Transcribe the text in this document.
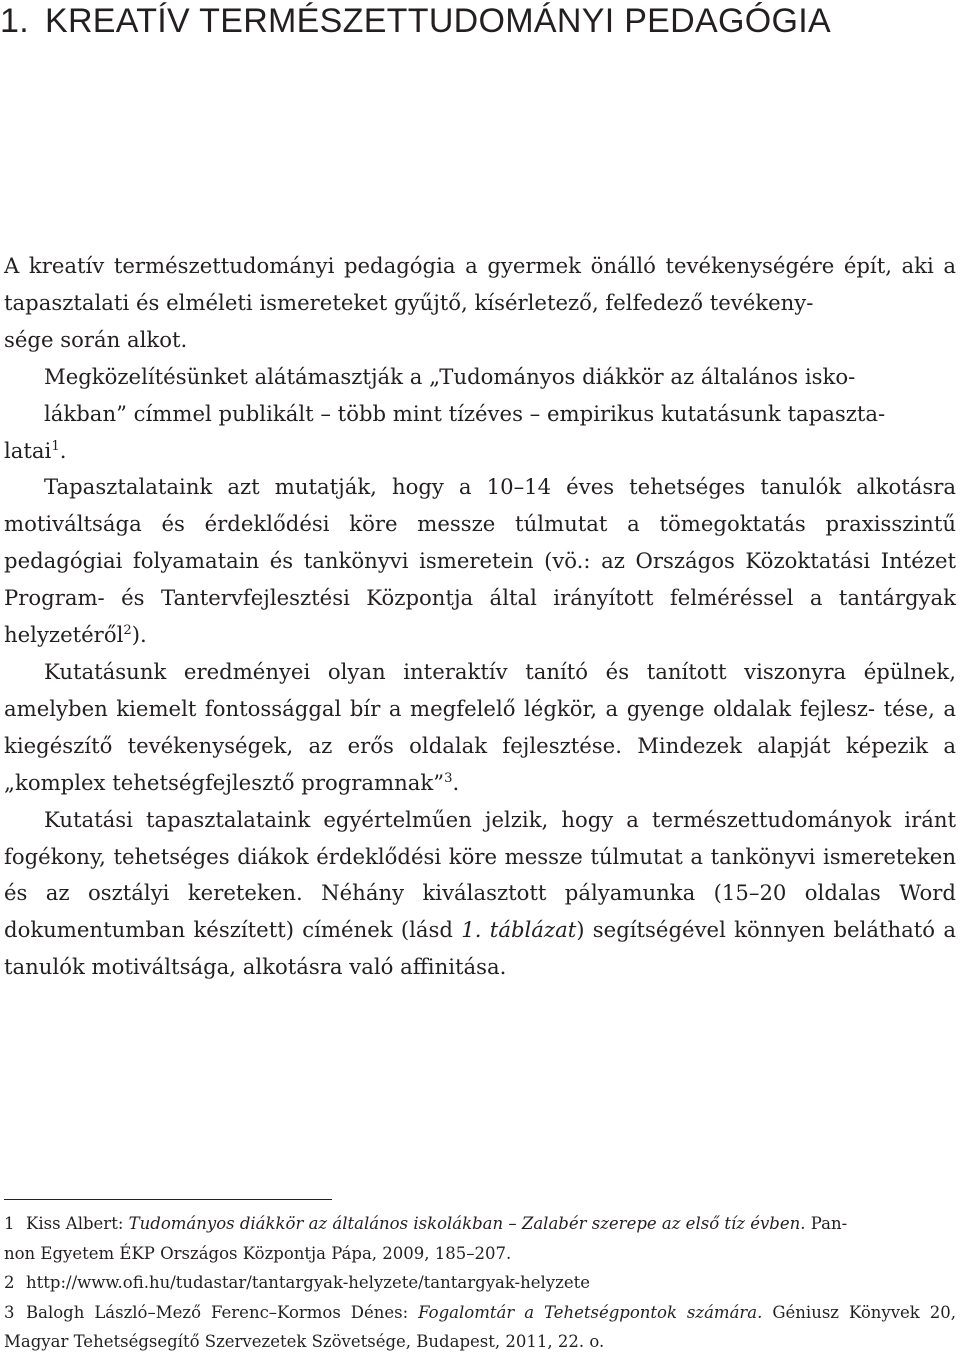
1. KREATÍV TERMÉSZETTUDOMÁNYI PEDAGÓGIA

A kreatív természettudományi pedagógia a gyermek önálló tevékenységére épít, aki a tapasztalati és elméleti ismereteket gyűjtő, kísérletező, felfedező tevékeny-
sége során alkot.

Megközelítésünket alátámasztják a „Tudományos diákkör az általános isko-
lákban” címmel publikált – több mint tízéves – empirikus kutatásunk tapaszta-
latai$^1$.

Tapasztalataink azt mutatják, hogy a 10–14 éves tehetséges tanulók alkotásra motiváltsága és érdeklődési köre messze túlmutat a tömegoktatás praxisszintű pedagógiai folyamatain és tankönyvi ismeretein (vö.: az Országos Közoktatási Intézet Program- és Tantervfejlesztési Központja által irányított felméréssel a tantárgyak helyzetéről$^2$).

Kutatásunk eredményei olyan interaktív tanító és tanított viszonyra épülnek, amelyben kiemelt fontossággal bír a megfelelő légkör, a gyenge oldalak fejlesz- tése, a kiegészítő tevékenységek, az erős oldalak fejlesztése. Mindezek alapját képezik a „komplex tehetségfejlesztő programnak”$^3$.

Kutatási tapasztalataink egyértelműen jelzik, hogy a természettudományok iránt fogékony, tehetséges diákok érdeklődési köre messze túlmutat a tankönyvi ismereteken és az osztályi kereteken. Néhány kiválasztott pályamunka (15–20 oldalas Word dokumentumban készített) címének (lásd 1. táblázat) segítségével könnyen belátható a tanulók motiváltsága, alkotásra való affinitása.

1 Kiss Albert: Tudományos diákkör az általános iskolákban – Zalabér szerepe az első tíz évben. Pan-
non Egyetem ÉKP Országos Központja Pápa, 2009, 185–207.

2 http://www.ofi.hu/tudastar/tantargyak-helyzete/tantargyak-helyzete

3 Balogh László–Mező Ferenc–Kormos Dénes: Fogalomtár a Tehetségpontok számára. Géniusz Könyvek 20, Magyar Tehetségsegítő Szervezetek Szövetsége, Budapest, 2011, 22. o.
